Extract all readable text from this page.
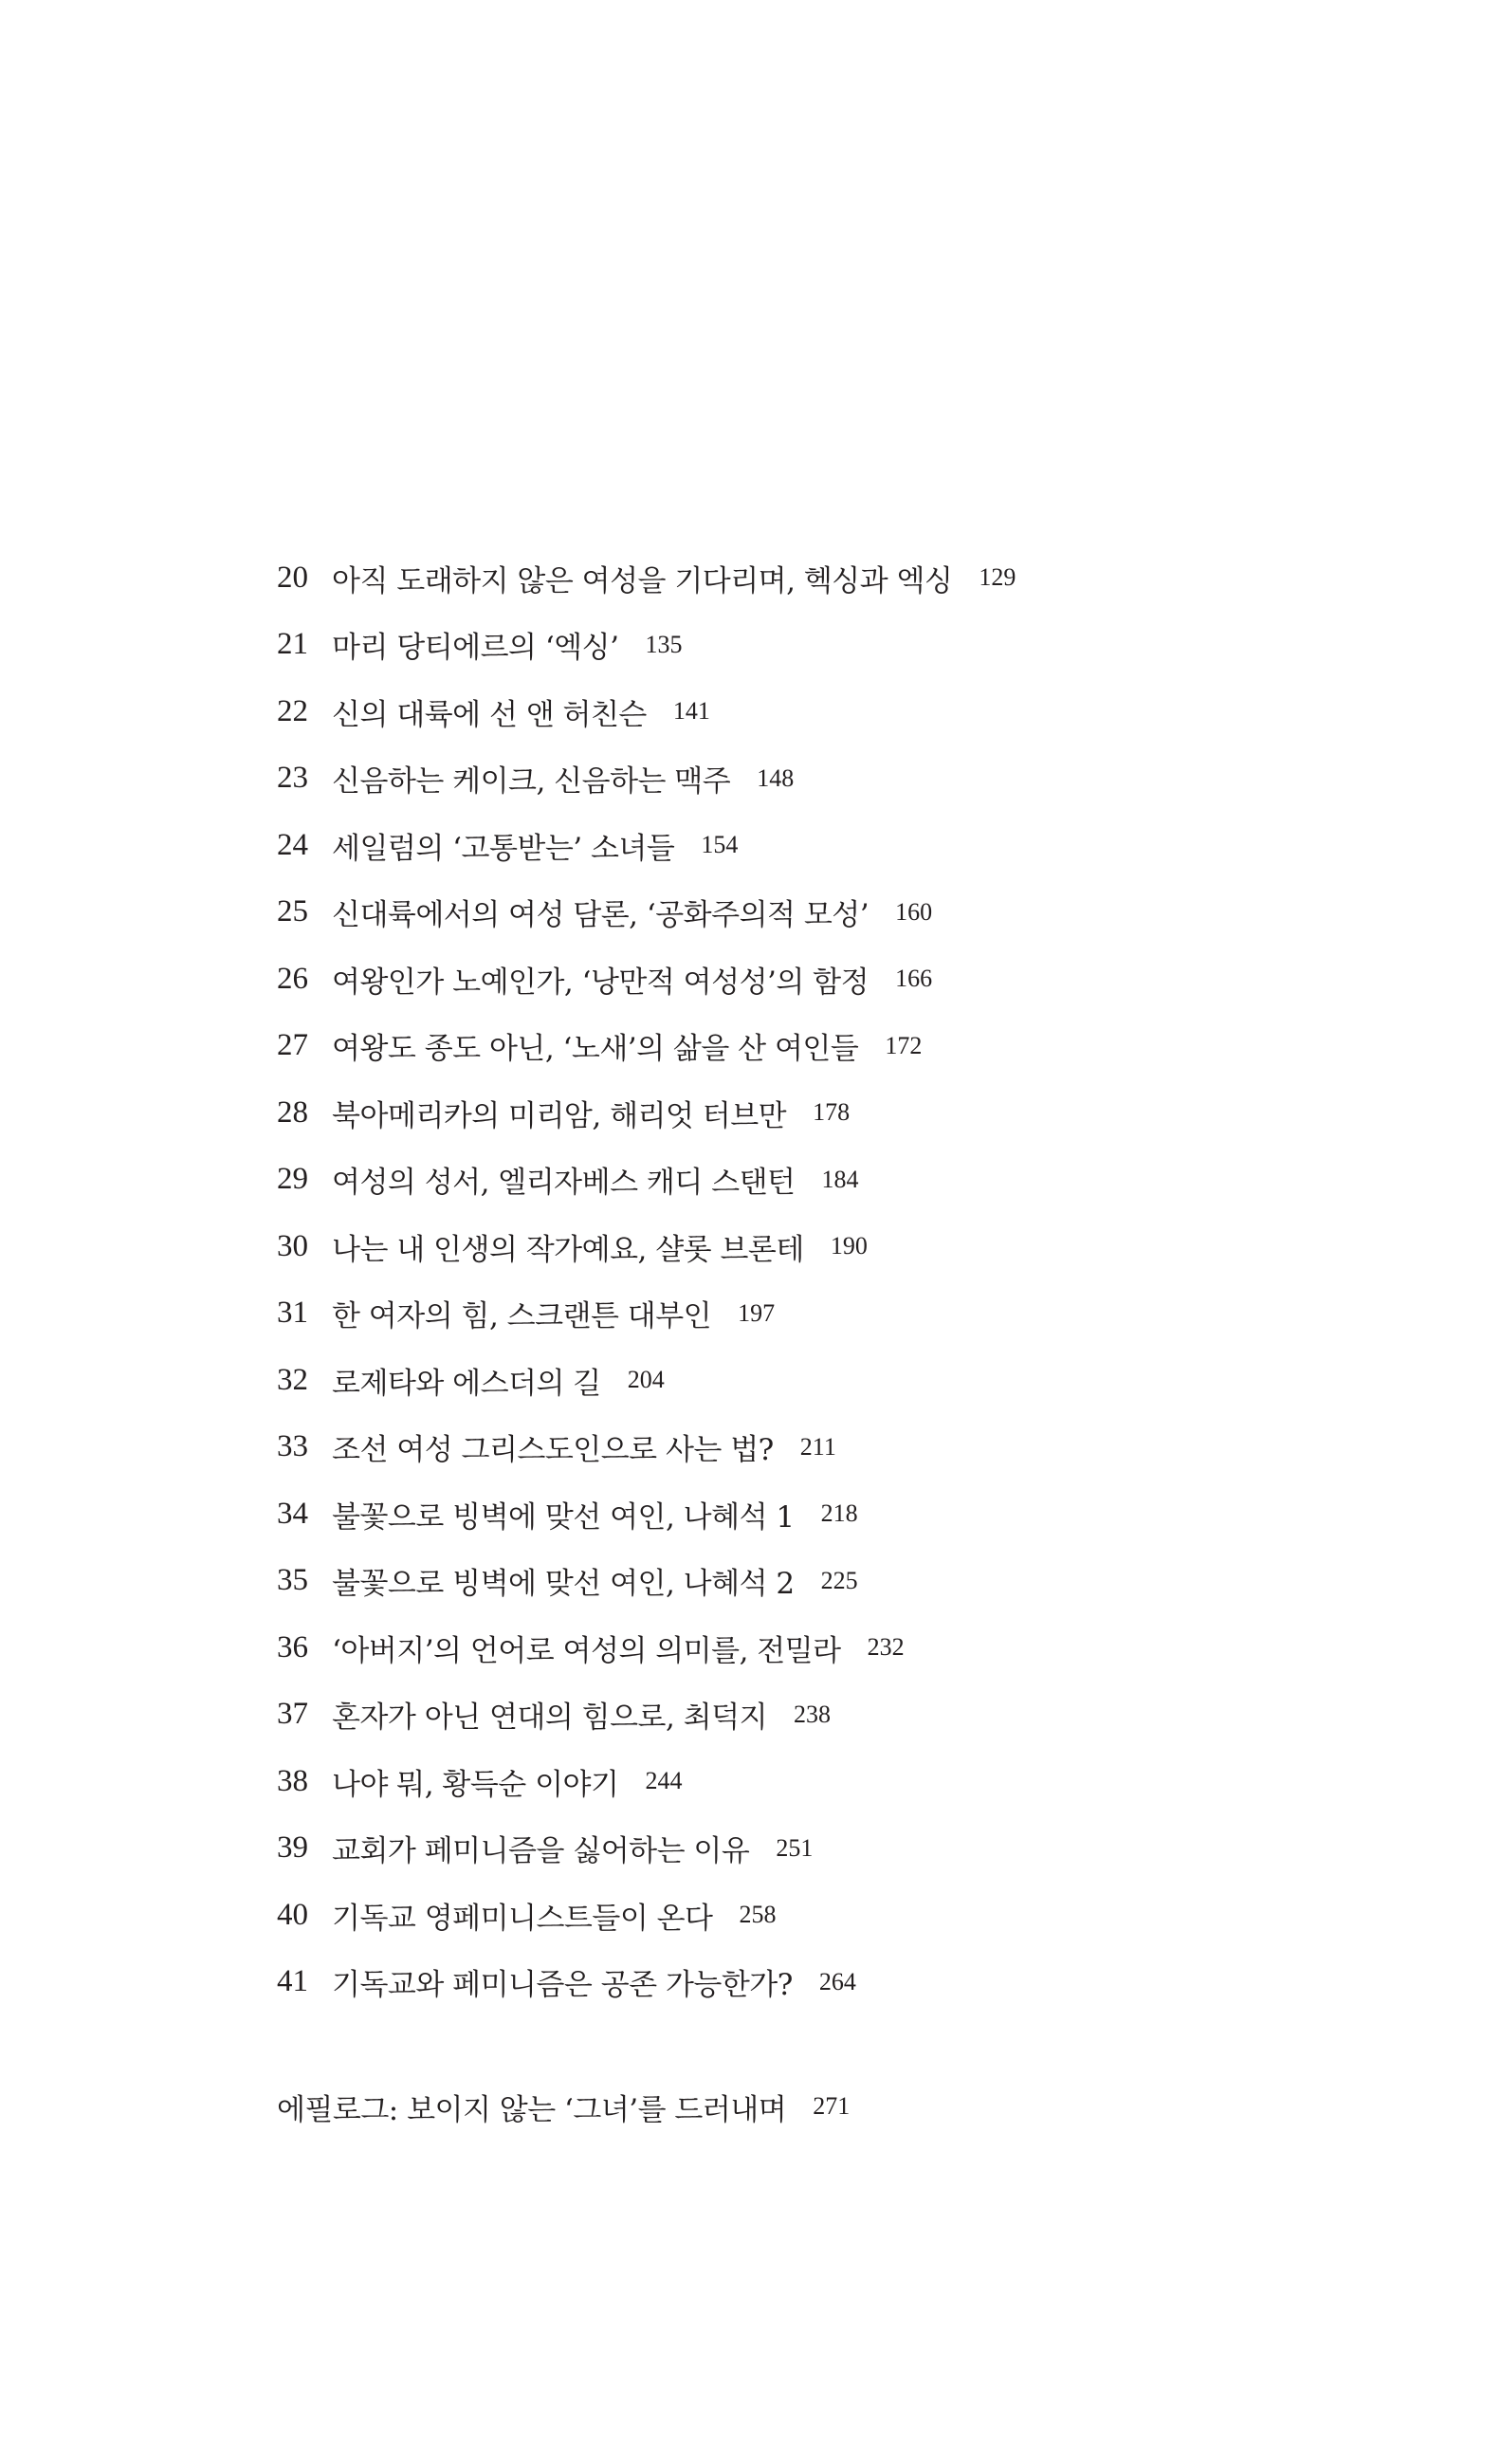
20 아직 도래하지 않은 여성을 기다리며, 헥싱과 엑싱 129
21 마리 당티에르의 ‘엑싱’ 135
22 신의 대륙에 선 앤 허친슨 141
23 신음하는 케이크, 신음하는 맥주 148
24 세일럼의 ‘고통받는’ 소녀들 154
25 신대륙에서의 여성 담론, ‘공화주의적 모성’ 160
26 여왕인가 노예인가, ‘낭만적 여성성’의 함정 166
27 여왕도 종도 아닌, ‘노새’의 삶을 산 여인들 172
28 북아메리카의 미리암, 해리엇 터브만 178
29 여성의 성서, 엘리자베스 캐디 스탠턴 184
30 나는 내 인생의 작가예요, 샬롯 브론테 190
31 한 여자의 힘, 스크랜튼 대부인 197
32 로제타와 에스더의 길 204
33 조선 여성 그리스도인으로 사는 법? 211
34 불꽃으로 빙벽에 맞선 여인, 나혜석 1 218
35 불꽃으로 빙벽에 맞선 여인, 나혜석 2 225
36 ‘아버지’의 언어로 여성의 의미를, 전밀라 232
37 혼자가 아닌 연대의 힘으로, 최덕지 238
38 나야 뭐, 황득순 이야기 244
39 교회가 페미니즘을 싫어하는 이유 251
40 기독교 영페미니스트들이 온다 258
41 기독교와 페미니즘은 공존 가능한가? 264
에필로그: 보이지 않는 ‘그녀’를 드러내며 271
